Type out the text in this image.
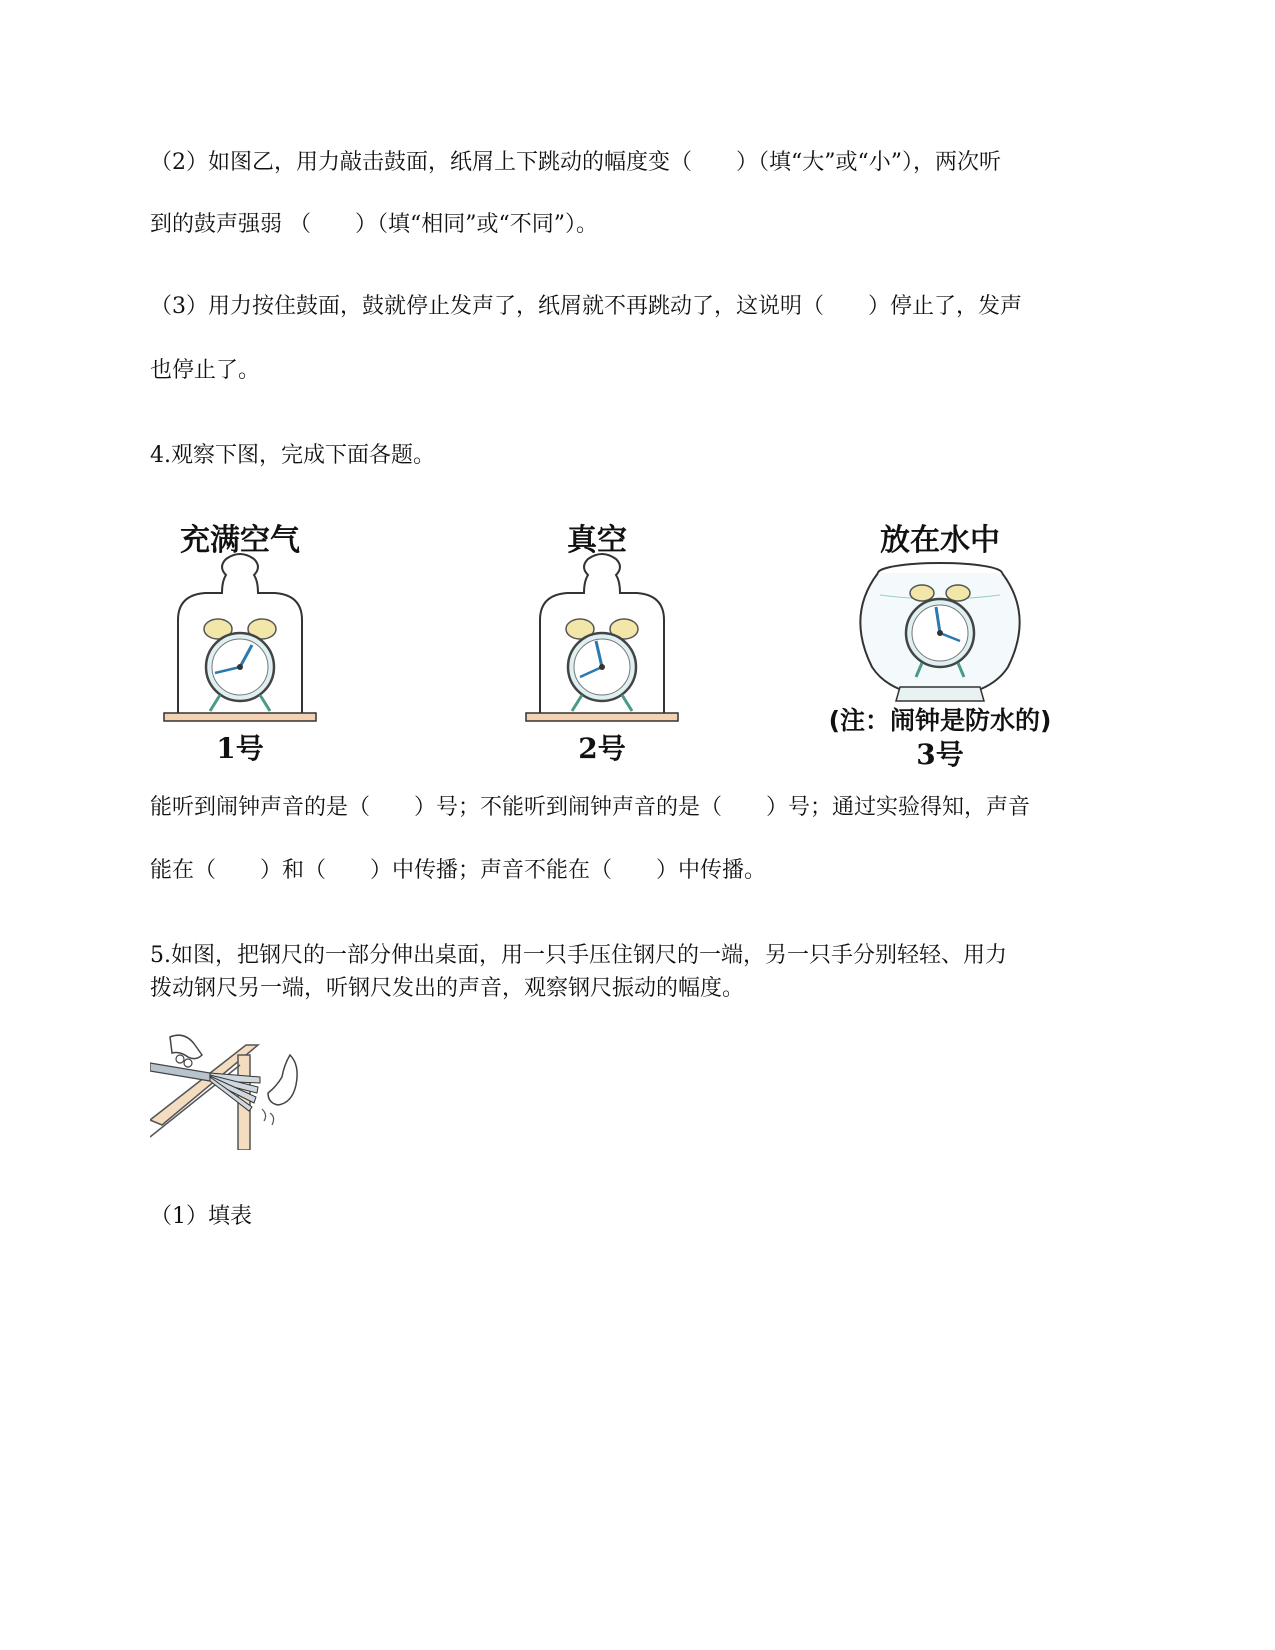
（2）如图乙，用力敲击鼓面，纸屑上下跳动的幅度变（　　）（填“大”或“小”），两次听
到的鼓声强弱 （　　）（填“相同”或“不同”）。
（3）用力按住鼓面，鼓就停止发声了，纸屑就不再跳动了，这说明（　　）停止了，发声
也停止了。
4.观察下图，完成下面各题。
充满空气
1号
真空
2号
放在水中
(注：闹钟是防水的)
3号
能听到闹钟声音的是（　　）号；不能听到闹钟声音的是（　　）号；通过实验得知，声音
能在（　　）和（　　）中传播；声音不能在（　　）中传播。
5.如图，把钢尺的一部分伸出桌面，用一只手压住钢尺的一端，另一只手分别轻轻、用力
拨动钢尺另一端，听钢尺发出的声音，观察钢尺振动的幅度。
（1）填表
